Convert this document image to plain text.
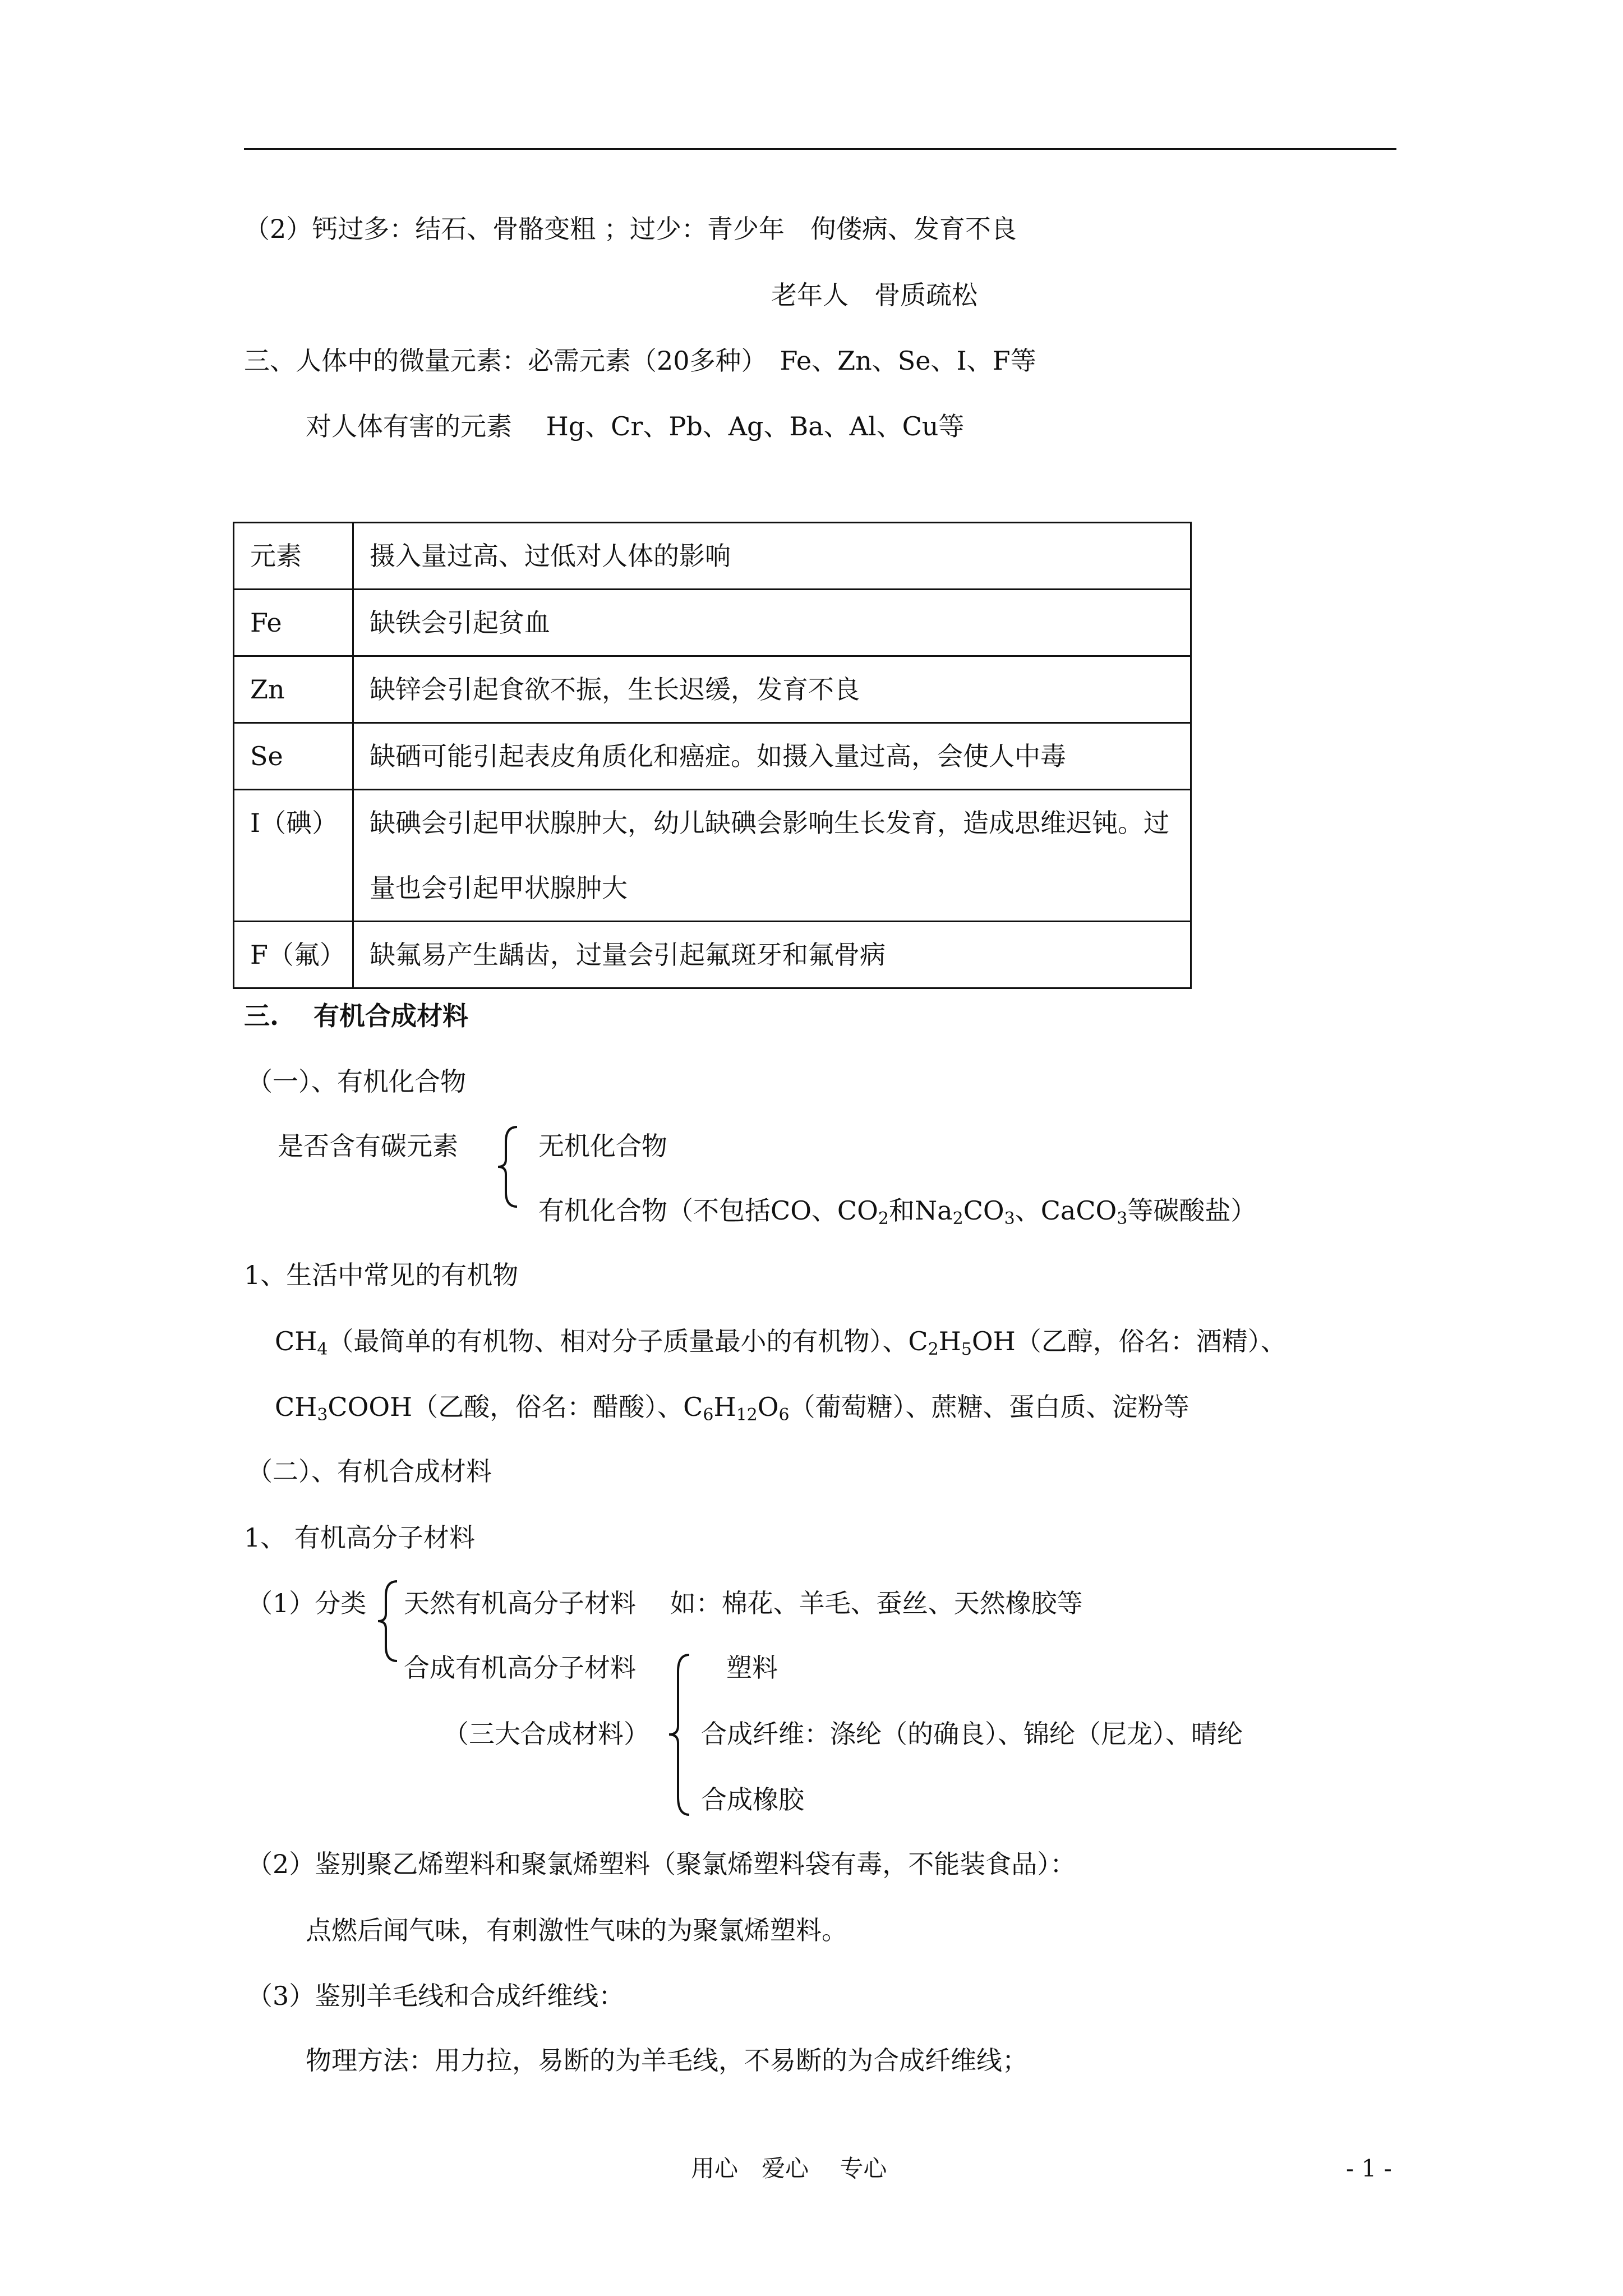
（2）钙过多：结石、骨骼变粗 ；过少：青少年　佝偻病、发育不良
老年人　骨质疏松
三、人体中的微量元素：必需元素（20多种）　Fe、Zn、Se、I、F等
对人体有害的元素　 Hg、Cr、Pb、Ag、Ba、Al、Cu等
元素	摄入量过高、过低对人体的影响
Fe	缺铁会引起贫血
Zn	缺锌会引起食欲不振，生长迟缓，发育不良
Se	缺硒可能引起表皮角质化和癌症。如摄入量过高，会使人中毒
I（碘）	缺碘会引起甲状腺肿大，幼儿缺碘会影响生长发育，造成思维迟钝。过量也会引起甲状腺肿大
F（氟）	缺氟易产生龋齿，过量会引起氟斑牙和氟骨病
三.　 有机合成材料
（一）、有机化合物
是否含有碳元素	无机化合物
有机化合物（不包括CO、$CO_2$和$Na_2CO_3$、CaCO$_3$等碳酸盐）
1、生活中常见的有机物
$CH_4$（最简单的有机物、相对分子质量最小的有机物）、$C_2H_5OH$（乙醇，俗名：酒精）、
$CH_3COOH$（乙酸，俗名：醋酸）、$C_6H_{12}O_6$（葡萄糖）、蔗糖、蛋白质、淀粉等
（二）、有机合成材料
1、 有机高分子材料
（1）分类 天然有机高分子材料　 如：棉花、羊毛、蚕丝、天然橡胶等
合成有机高分子材料
（三大合成材料）
塑料
合成纤维：涤纶（的确良）、锦纶（尼龙）、晴纶
合成橡胶
（2）鉴别聚乙烯塑料和聚氯烯塑料（聚氯烯塑料袋有毒，不能装食品）：
点燃后闻气味，有刺激性气味的为聚氯烯塑料。
（3）鉴别羊毛线和合成纤维线：
物理方法：用力拉，易断的为羊毛线，不易断的为合成纤维线；
用心　爱心　 专心	- 1 -
